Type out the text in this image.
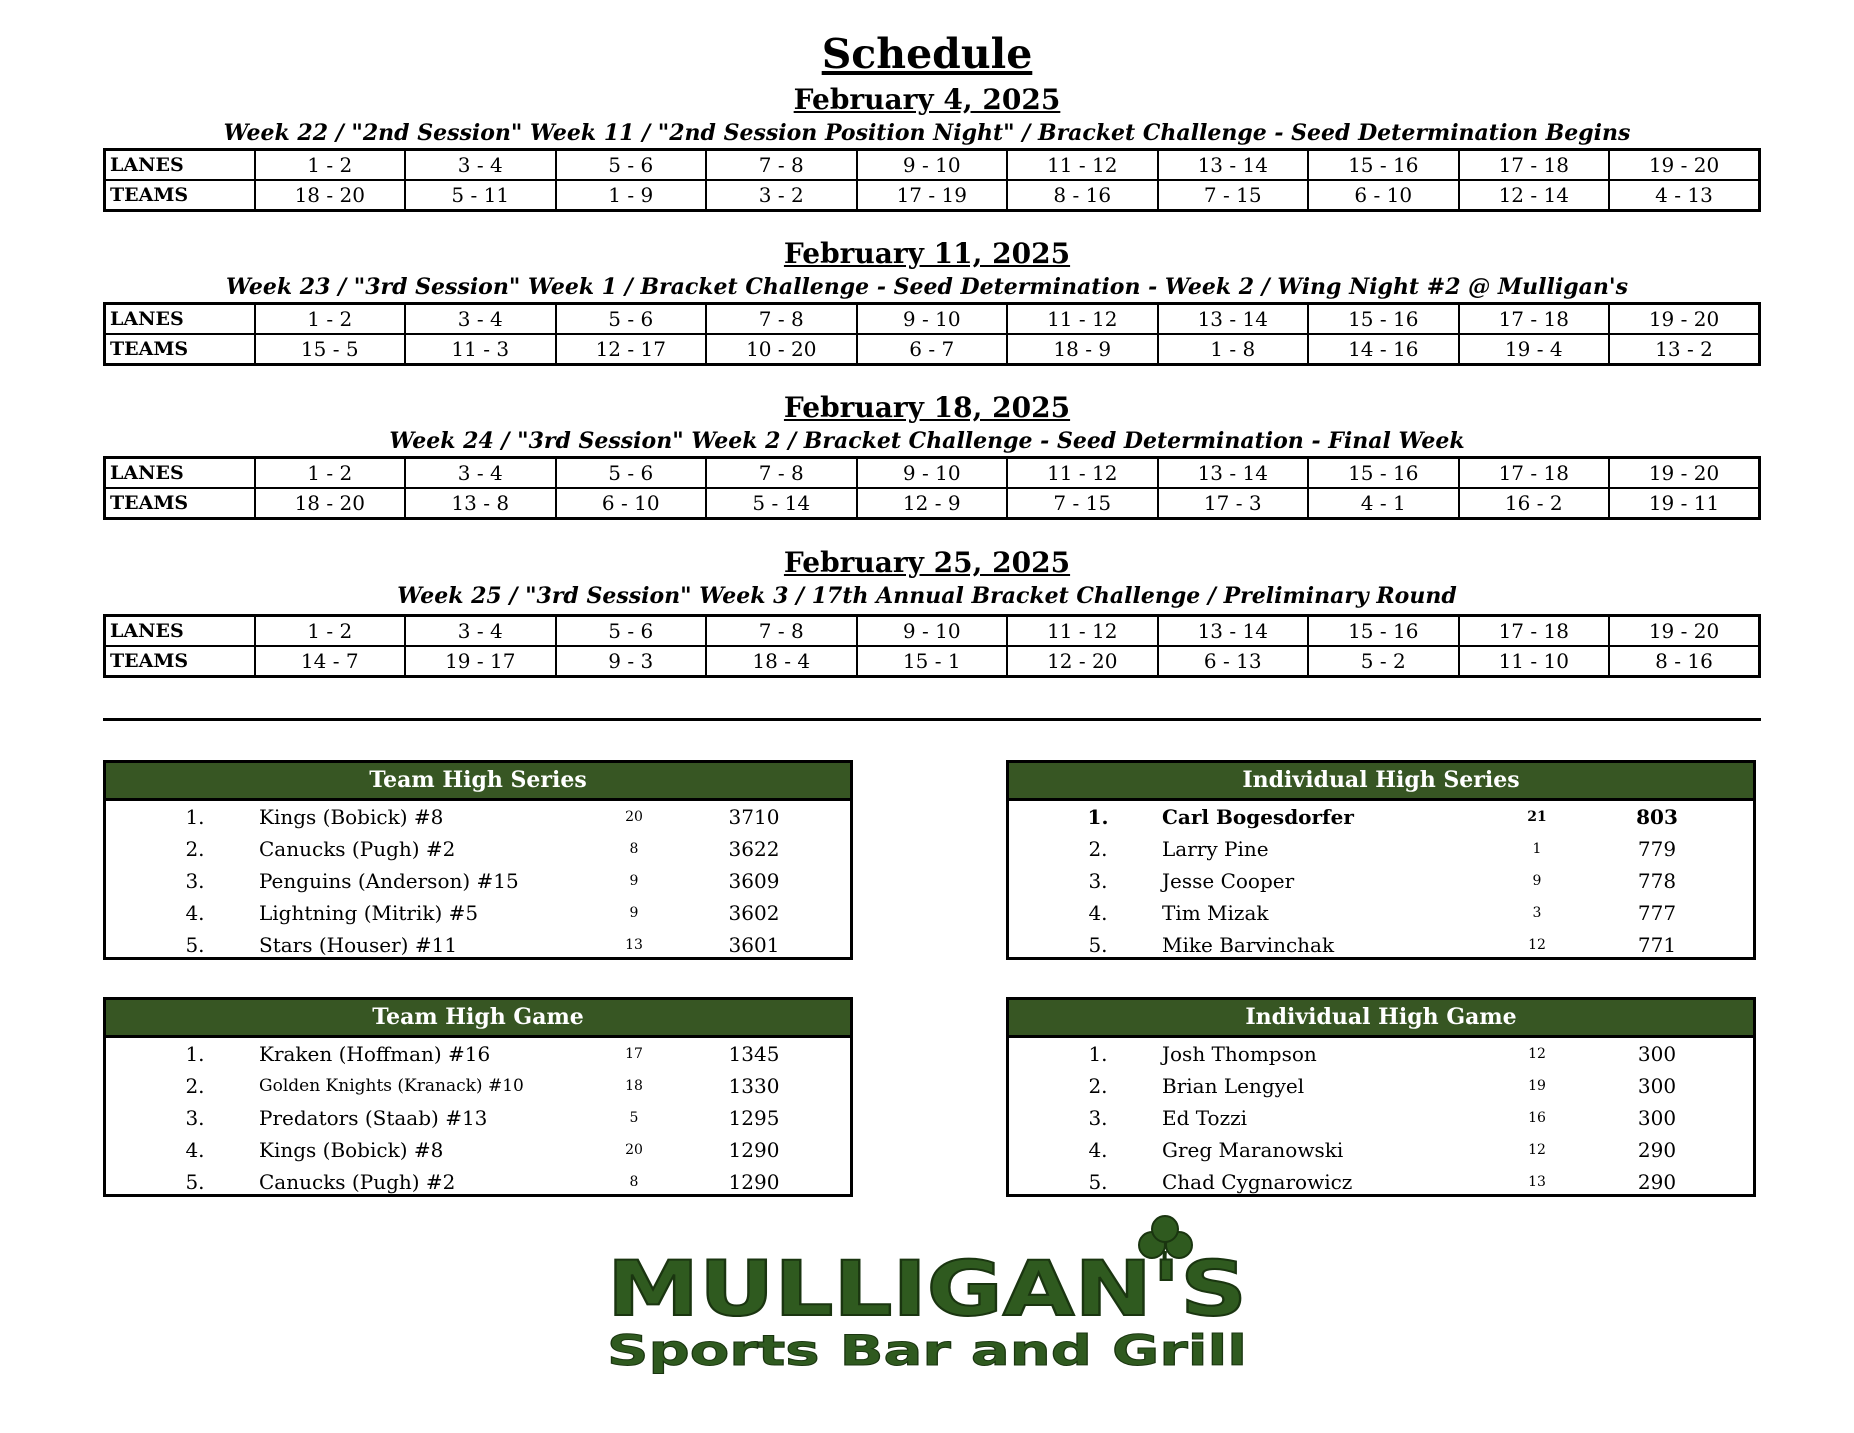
Schedule
February 4, 2025
Week 22 / "2nd Session" Week 11 / "2nd Session Position Night" / Bracket Challenge - Seed Determination Begins
LANES	1 - 2	3 - 4	5 - 6	7 - 8	9 - 10	11 - 12	13 - 14	15 - 16	17 - 18	19 - 20
TEAMS	18 - 20	5 - 11	1 - 9	3 - 2	17 - 19	8 - 16	7 - 15	6 - 10	12 - 14	4 - 13
February 11, 2025
Week 23 / "3rd Session" Week 1 / Bracket Challenge - Seed Determination - Week 2 / Wing Night #2 @ Mulligan's
LANES	1 - 2	3 - 4	5 - 6	7 - 8	9 - 10	11 - 12	13 - 14	15 - 16	17 - 18	19 - 20
TEAMS	15 - 5	11 - 3	12 - 17	10 - 20	6 - 7	18 - 9	1 - 8	14 - 16	19 - 4	13 - 2
February 18, 2025
Week 24 / "3rd Session" Week 2 / Bracket Challenge - Seed Determination - Final Week
LANES	1 - 2	3 - 4	5 - 6	7 - 8	9 - 10	11 - 12	13 - 14	15 - 16	17 - 18	19 - 20
TEAMS	18 - 20	13 - 8	6 - 10	5 - 14	12 - 9	7 - 15	17 - 3	4 - 1	16 - 2	19 - 11
February 25, 2025
Week 25 / "3rd Session" Week 3 / 17th Annual Bracket Challenge / Preliminary Round
LANES	1 - 2	3 - 4	5 - 6	7 - 8	9 - 10	11 - 12	13 - 14	15 - 16	17 - 18	19 - 20
TEAMS	14 - 7	19 - 17	9 - 3	18 - 4	15 - 1	12 - 20	6 - 13	5 - 2	11 - 10	8 - 16
Team High Series
1.	Kings (Bobick) #8	20	3710
2.	Canucks (Pugh) #2	8	3622
3.	Penguins (Anderson) #15	9	3609
4.	Lightning (Mitrik) #5	9	3602
5.	Stars (Houser) #11	13	3601
Individual High Series
1.	Carl Bogesdorfer	21	803
2.	Larry Pine	1	779
3.	Jesse Cooper	9	778
4.	Tim Mizak	3	777
5.	Mike Barvinchak	12	771
Team High Game
1.	Kraken (Hoffman) #16	17	1345
2.	Golden Knights (Kranack) #10	18	1330
3.	Predators (Staab) #13	5	1295
4.	Kings (Bobick) #8	20	1290
5.	Canucks (Pugh) #2	8	1290
Individual High Game
1.	Josh Thompson	12	300
2.	Brian Lengyel	19	300
3.	Ed Tozzi	16	300
4.	Greg Maranowski	12	290
5.	Chad Cygnarowicz	13	290
MULLIGAN'S
Sports Bar and Grill
